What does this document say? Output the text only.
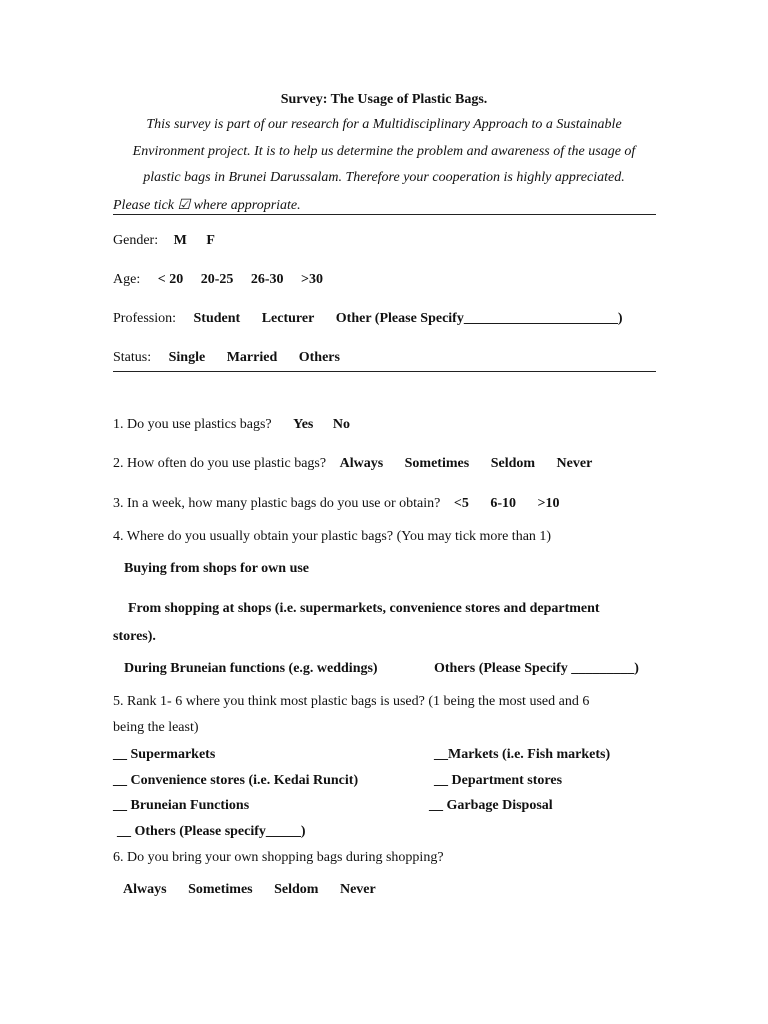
Survey: The Usage of Plastic Bags.
This survey is part of our research for a Multidisciplinary Approach to a Sustainable
Environment project. It is to help us determine the problem and awareness of the usage of
plastic bags in Brunei Darussalam. Therefore your cooperation is highly appreciated.
Please tick ☑ where appropriate.
Gender: M F
Age: < 20 20-25 26-30 >30
Profession: Student Lecturer Other (Please Specify______________________)
Status: Single Married Others
1. Do you use plastics bags? Yes No
2. How often do you use plastic bags? Always Sometimes Seldom Never
3. In a week, how many plastic bags do you use or obtain? <5 6-10 >10
4. Where do you usually obtain your plastic bags? (You may tick more than 1)
Buying from shops for own use
From shopping at shops (i.e. supermarkets, convenience stores and department
stores).
During Bruneian functions (e.g. weddings)	Others (Please Specify _________)
5. Rank 1- 6 where you think most plastic bags is used? (1 being the most used and 6
being the least)
__ Supermarkets	__Markets (i.e. Fish markets)
__ Convenience stores (i.e. Kedai Runcit)	__ Department stores
__ Bruneian Functions	__ Garbage Disposal
__ Others (Please specify_____)
6. Do you bring your own shopping bags during shopping?
Always Sometimes Seldom Never
